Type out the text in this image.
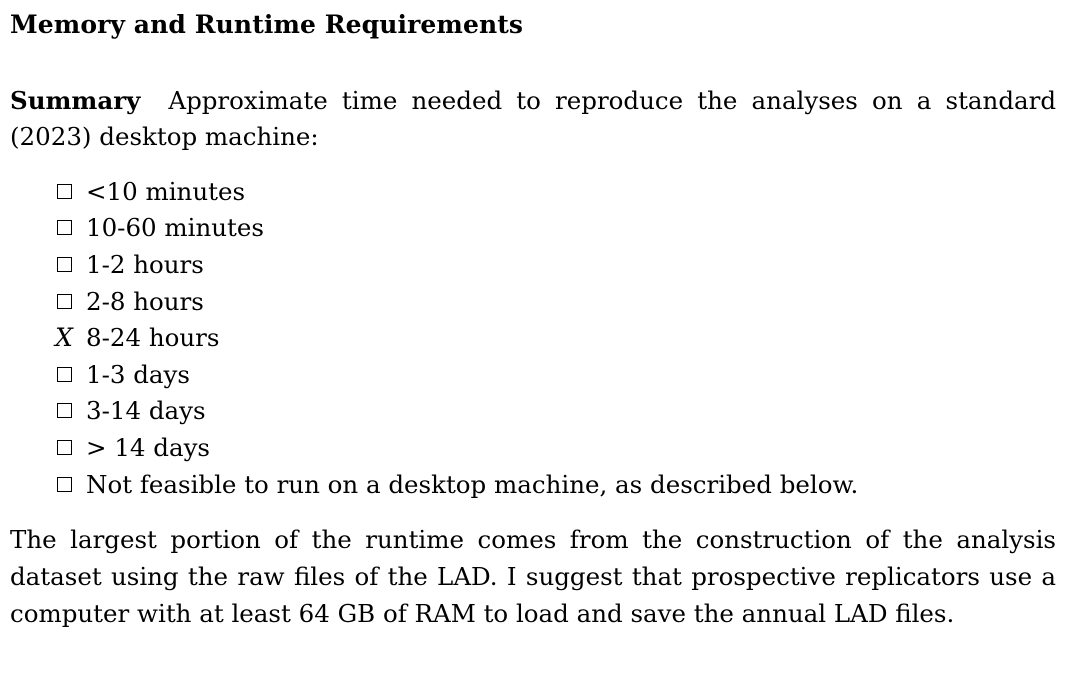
Memory and Runtime Requirements
Summary Approximate time needed to reproduce the analyses on a standard (2023) desktop machine:
<10 minutes
10-60 minutes
1-2 hours
2-8 hours
X 8-24 hours
1-3 days
3-14 days
> 14 days
Not feasible to run on a desktop machine, as described below.

The largest portion of the runtime comes from the construction of the analysis dataset using the raw files of the LAD. I suggest that prospective replicators use a computer with at least 64 GB of RAM to load and save the annual LAD files.
